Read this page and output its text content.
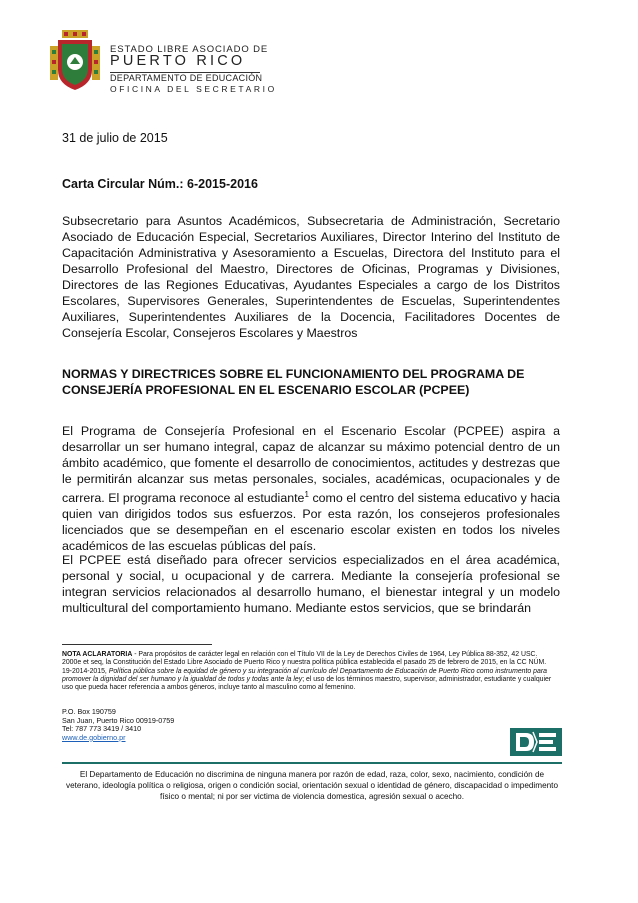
ESTADO LIBRE ASOCIADO DE
PUERTO RICO
DEPARTAMENTO DE EDUCACIÓN
OFICINA DEL SECRETARIO
31 de julio de 2015
Carta Circular Núm.: 6-2015-2016
Subsecretario para Asuntos Académicos, Subsecretaria de Administración, Secretario Asociado de Educación Especial, Secretarios Auxiliares, Director Interino del Instituto de Capacitación Administrativa y Asesoramiento a Escuelas, Directora del Instituto para el Desarrollo Profesional del Maestro, Directores de Oficinas, Programas y Divisiones, Directores de las Regiones Educativas, Ayudantes Especiales a cargo de los Distritos Escolares, Supervisores Generales, Superintendentes de Escuelas, Superintendentes Auxiliares, Superintendentes Auxiliares de la Docencia, Facilitadores Docentes de Consejería Escolar, Consejeros Escolares y Maestros
NORMAS Y DIRECTRICES SOBRE EL FUNCIONAMIENTO DEL PROGRAMA DE CONSEJERÍA PROFESIONAL EN EL ESCENARIO ESCOLAR (PCPEE)
El Programa de Consejería Profesional en el Escenario Escolar (PCPEE) aspira a desarrollar un ser humano integral, capaz de alcanzar su máximo potencial dentro de un ámbito académico, que fomente el desarrollo de conocimientos, actitudes y destrezas que le permitirán alcanzar sus metas personales, sociales, académicas, ocupacionales y de carrera. El programa reconoce al estudiante$^1$ como el centro del sistema educativo y hacia quien van dirigidos todos sus esfuerzos. Por esta razón, los consejeros profesionales licenciados que se desempeñan en el escenario escolar existen en todos los niveles académicos de las escuelas públicas del país.
El PCPEE está diseñado para ofrecer servicios especializados en el área académica, personal y social, u ocupacional y de carrera. Mediante la consejería profesional se integran servicios relacionados al desarrollo humano, el bienestar integral y un modelo multicultural del comportamiento humano. Mediante estos servicios, que se brindarán
NOTA ACLARATORIA - Para propósitos de carácter legal en relación con el Título VII de la Ley de Derechos Civiles de 1964, Ley Pública 88-352, 42 USC. 2000e et seq, la Constitución del Estado Libre Asociado de Puerto Rico y nuestra política pública establecida el pasado 25 de febrero de 2015, en la CC NÚM. 19-2014-2015, Política pública sobre la equidad de género y su integración al currículo del Departamento de Educación de Puerto Rico como instrumento para promover la dignidad del ser humano y la igualdad de todos y todas ante la ley; el uso de los términos maestro, supervisor, administrador, estudiante y cualquier uso que pueda hacer referencia a ambos géneros, incluye tanto al masculino como al femenino.
P.O. Box 190759
San Juan, Puerto Rico 00919-0759
Tel: 787 773 3419 / 3410
www.de.gobierno.pr
El Departamento de Educación no discrimina de ninguna manera por razón de edad, raza, color, sexo, nacimiento, condición de veterano, ideología política o religiosa, origen o condición social, orientación sexual o identidad de género, discapacidad o impedimento físico o mental; ni por ser victima de violencia domestica, agresión sexual o acecho.
